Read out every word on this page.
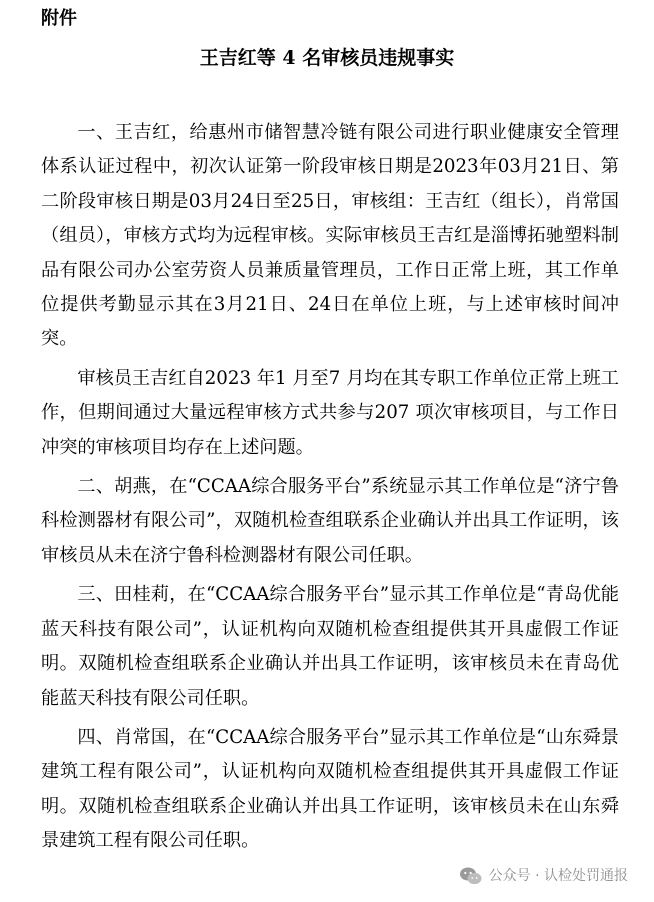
附件
王吉红等 4 名审核员违规事实

一、王吉红，给惠州市储智慧冷链有限公司进行职业健康安全管理体系认证过程中，初次认证第一阶段审核日期是2023年03月21日、第二阶段审核日期是03月24日至25日，审核组：王吉红（组长），肖常国（组员），审核方式均为远程审核。实际审核员王吉红是淄博拓驰塑料制品有限公司办公室劳资人员兼质量管理员，工作日正常上班，其工作单位提供考勤显示其在3月21日、24日在单位上班，与上述审核时间冲突。

审核员王吉红自2023 年1 月至7 月均在其专职工作单位正常上班工作，但期间通过大量远程审核方式共参与207 项次审核项目，与工作日冲突的审核项目均存在上述问题。

二、胡燕，在“CCAA综合服务平台”系统显示其工作单位是“济宁鲁科检测器材有限公司”，双随机检查组联系企业确认并出具工作证明，该审核员从未在济宁鲁科检测器材有限公司任职。

三、田桂莉，在“CCAA综合服务平台”显示其工作单位是“青岛优能蓝天科技有限公司”，认证机构向双随机检查组提供其开具虚假工作证明。双随机检查组联系企业确认并出具工作证明，该审核员未在青岛优能蓝天科技有限公司任职。

四、肖常国，在“CCAA综合服务平台”显示其工作单位是“山东舜景建筑工程有限公司”，认证机构向双随机检查组提供其开具虚假工作证明。双随机检查组联系企业确认并出具工作证明，该审核员未在山东舜景建筑工程有限公司任职。

公众号 · 认检处罚通报
